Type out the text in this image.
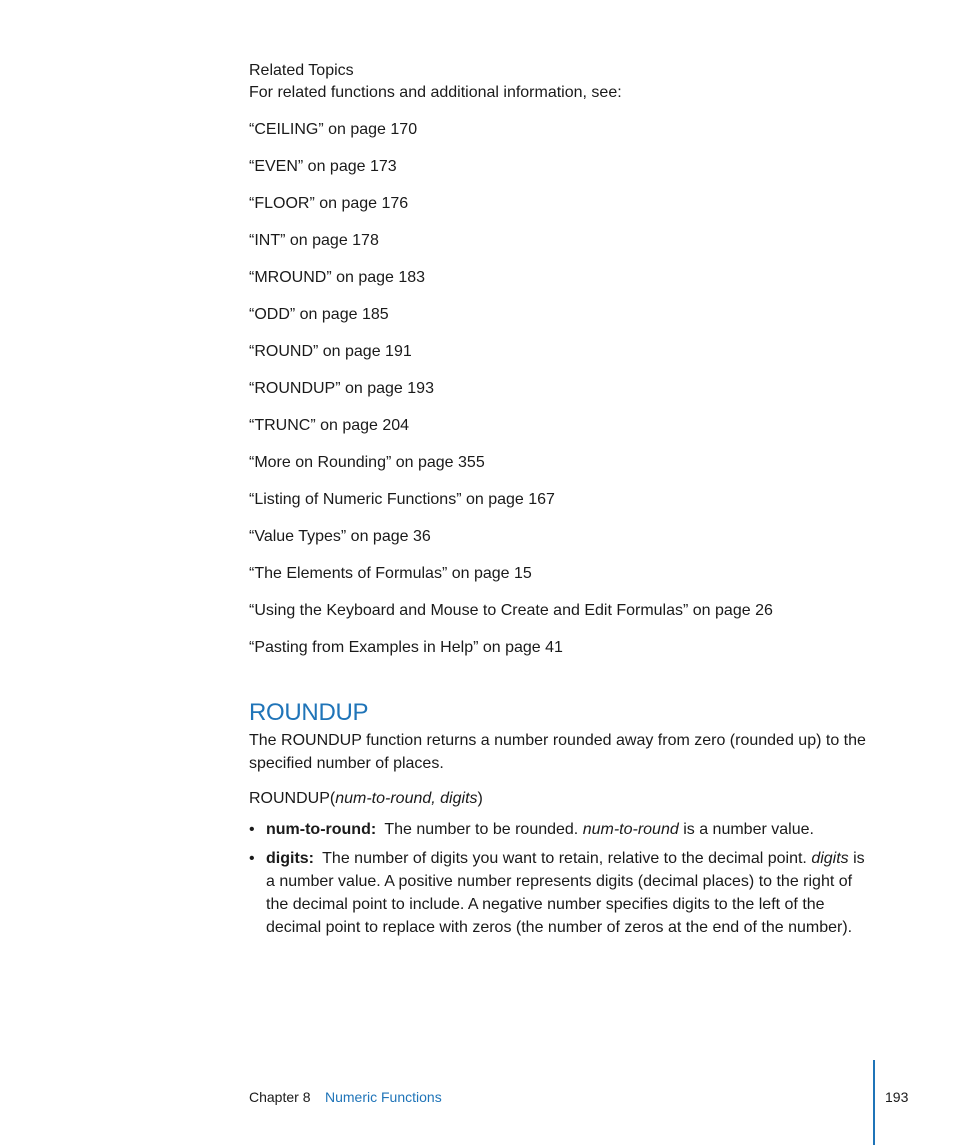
Related Topics

For related functions and additional information, see:

“CEILING” on page 170
“EVEN” on page 173
“FLOOR” on page 176
“INT” on page 178
“MROUND” on page 183
“ODD” on page 185
“ROUND” on page 191
“ROUNDUP” on page 193
“TRUNC” on page 204
“More on Rounding” on page 355
“Listing of Numeric Functions” on page 167
“Value Types” on page 36
“The Elements of Formulas” on page 15
“Using the Keyboard and Mouse to Create and Edit Formulas” on page 26
“Pasting from Examples in Help” on page 41
ROUNDUP

The ROUNDUP function returns a number rounded away from zero (rounded up) to the specified number of places.

ROUNDUP(num-to-round, digits)

• num-to-round: The number to be rounded. num-to-round is a number value.
• digits: The number of digits you want to retain, relative to the decimal point. digits is a number value. A positive number represents digits (decimal places) to the right of the decimal point to include. A negative number specifies digits to the left of the decimal point to replace with zeros (the number of zeros at the end of the number).
Chapter 8 Numeric Functions	193
